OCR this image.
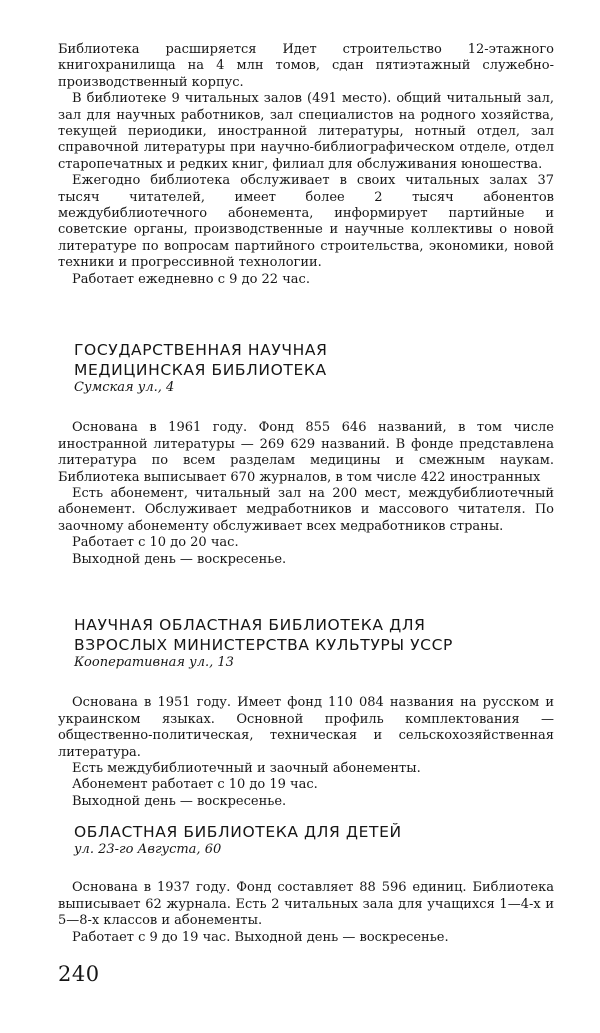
Библиотека расширяется Идет строительство 12-этажного книгохранилища на 4 млн томов, сдан пятиэтажный служебно-производственный корпус.

В библиотеке 9 читальных залов (491 место). общий читальный зал, зал для научных работников, зал специалистов на родного хозяйства, текущей периодики, иностранной литературы, нотный отдел, зал справочной литературы при научно-библиографическом отделе, отдел старопечатных и редких книг, филиал для обслуживания юношества.

Ежегодно библиотека обслуживает в своих читальных залах 37 тысяч читателей, имеет более 2 тысяч абонентов междубиблиотечного абонемента, информирует партийные и советские органы, производственные и научные коллективы о новой литературе по вопросам партийного строительства, экономики, новой техники и прогрессивной технологии.

Работает ежедневно с 9 до 22 час.

ГОСУДАРСТВЕННАЯ НАУЧНАЯ
МЕДИЦИНСКАЯ БИБЛИОТЕКА
Сумская ул., 4

Основана в 1961 году. Фонд 855 646 названий, в том числе иностранной литературы — 269 629 названий. В фонде представлена литература по всем разделам медицины и смежным наукам. Библиотека выписывает 670 журналов, в том числе 422 иностранных

Есть абонемент, читальный зал на 200 мест, междубиблиотечный абонемент. Обслуживает медработников и массового читателя. По заочному абонементу обслуживает всех медработников страны.

Работает с 10 до 20 час.

Выходной день — воскресенье.

НАУЧНАЯ ОБЛАСТНАЯ БИБЛИОТЕКА ДЛЯ
ВЗРОСЛЫХ МИНИСТЕРСТВА КУЛЬТУРЫ УССР
Кооперативная ул., 13

Основана в 1951 году. Имеет фонд 110 084 названия на русском и украинском языках. Основной профиль комплектования — общественно-политическая, техническая и сельскохозяйственная литература.

Есть междубиблиотечный и заочный абонементы.

Абонемент работает с 10 до 19 час.

Выходной день — воскресенье.

ОБЛАСТНАЯ БИБЛИОТЕКА ДЛЯ ДЕТЕЙ
ул. 23-го Августа, 60

Основана в 1937 году. Фонд составляет 88 596 единиц. Библиотека выписывает 62 журнала. Есть 2 читальных зала для учащихся 1—4-х и 5—8-х классов и абонементы.

Работает с 9 до 19 час. Выходной день — воскресенье.

240
